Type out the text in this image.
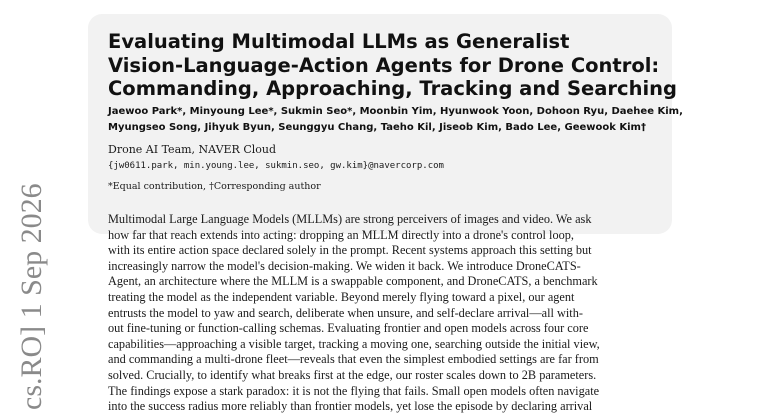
cs.RO] 1 Sep 2026
Evaluating Multimodal LLMs as Generalist
Vision-Language-Action Agents for Drone Control:
Commanding, Approaching, Tracking and Searching
Jaewoo Park*, Minyoung Lee*, Sukmin Seo*, Moonbin Yim, Hyunwook Yoon, Dohoon Ryu, Daehee Kim,
Myungseo Song, Jihyuk Byun, Seunggyu Chang, Taeho Kil, Jiseob Kim, Bado Lee, Geewook Kim†
Drone AI Team, NAVER Cloud
{jw0611.park, min.young.lee, sukmin.seo, gw.kim}@navercorp.com
*Equal contribution, †Corresponding author
Multimodal Large Language Models (MLLMs) are strong perceivers of images and video. We ask
how far that reach extends into acting: dropping an MLLM directly into a drone's control loop,
with its entire action space declared solely in the prompt. Recent systems approach this setting but
increasingly narrow the model's decision-making. We widen it back. We introduce DroneCATS-
Agent, an architecture where the MLLM is a swappable component, and DroneCATS, a benchmark
treating the model as the independent variable. Beyond merely flying toward a pixel, our agent
entrusts the model to yaw and search, deliberate when unsure, and self-declare arrival—all with-
out fine-tuning or function-calling schemas. Evaluating frontier and open models across four core
capabilities—approaching a visible target, tracking a moving one, searching outside the initial view,
and commanding a multi-drone fleet—reveals that even the simplest embodied settings are far from
solved. Crucially, to identify what breaks first at the edge, our roster scales down to 2B parameters.
The findings expose a stark paradox: it is not the flying that fails. Small open models often navigate
into the success radius more reliably than frontier models, yet lose the episode by declaring arrival
